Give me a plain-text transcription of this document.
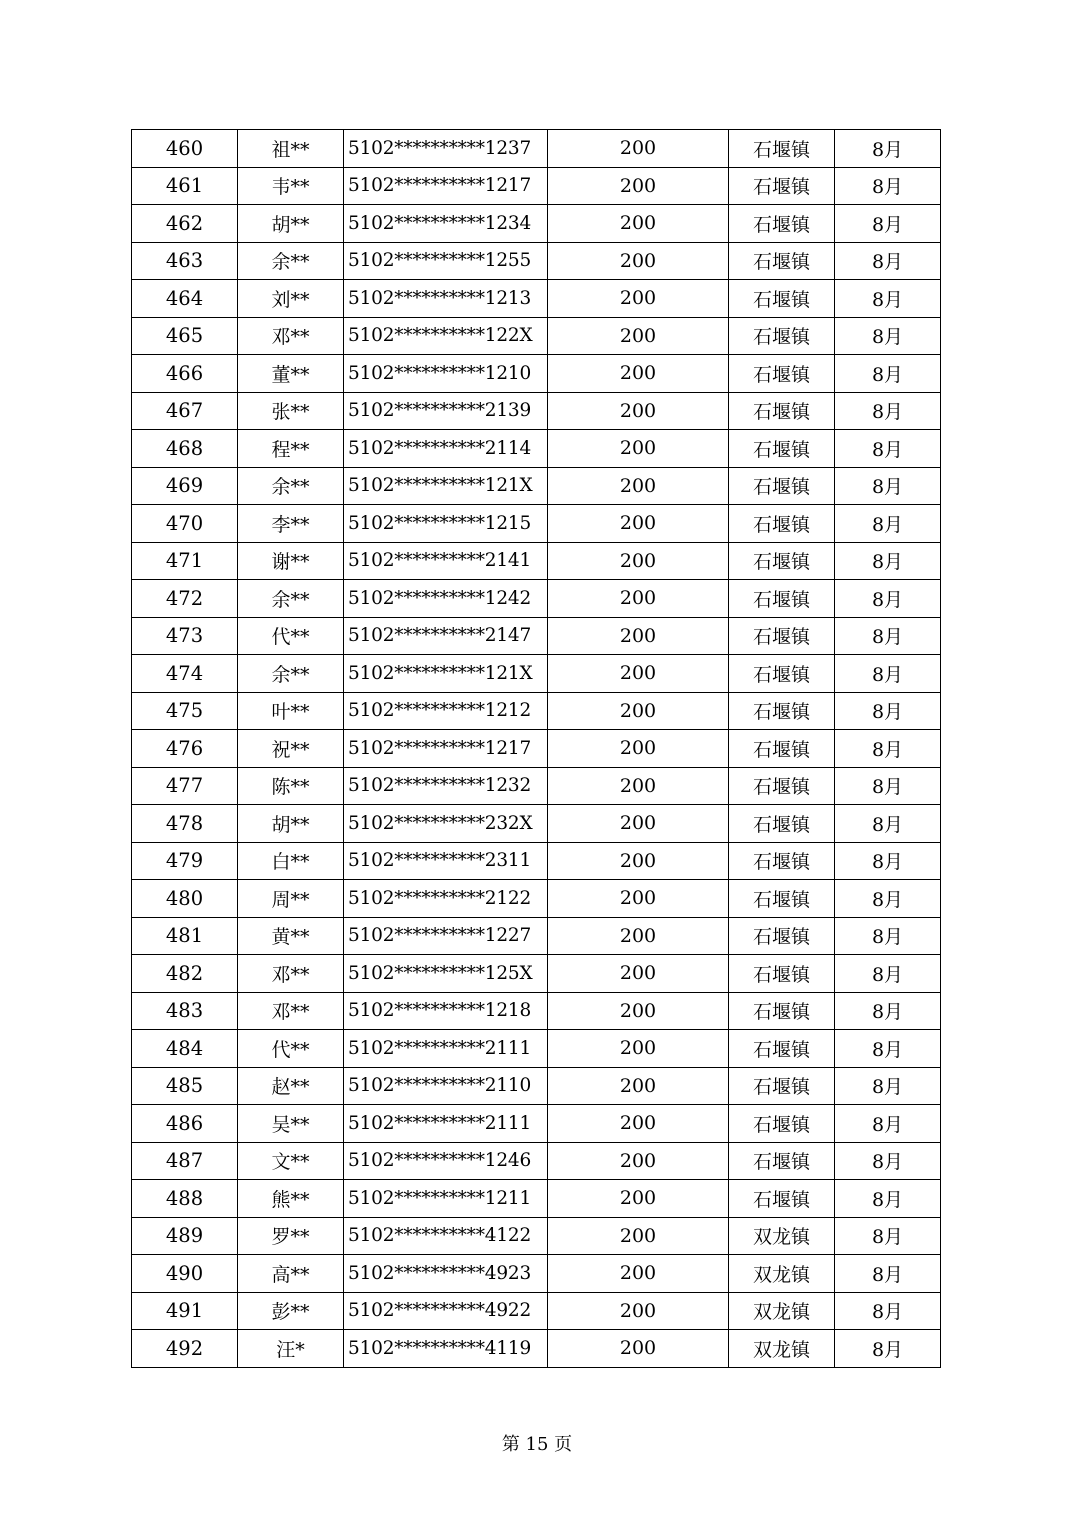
460	祖**	5102**********1237	200	石堰镇	8月
461	韦**	5102**********1217	200	石堰镇	8月
462	胡**	5102**********1234	200	石堰镇	8月
463	余**	5102**********1255	200	石堰镇	8月
464	刘**	5102**********1213	200	石堰镇	8月
465	邓**	5102**********122X	200	石堰镇	8月
466	董**	5102**********1210	200	石堰镇	8月
467	张**	5102**********2139	200	石堰镇	8月
468	程**	5102**********2114	200	石堰镇	8月
469	余**	5102**********121X	200	石堰镇	8月
470	李**	5102**********1215	200	石堰镇	8月
471	谢**	5102**********2141	200	石堰镇	8月
472	余**	5102**********1242	200	石堰镇	8月
473	代**	5102**********2147	200	石堰镇	8月
474	余**	5102**********121X	200	石堰镇	8月
475	叶**	5102**********1212	200	石堰镇	8月
476	祝**	5102**********1217	200	石堰镇	8月
477	陈**	5102**********1232	200	石堰镇	8月
478	胡**	5102**********232X	200	石堰镇	8月
479	白**	5102**********2311	200	石堰镇	8月
480	周**	5102**********2122	200	石堰镇	8月
481	黄**	5102**********1227	200	石堰镇	8月
482	邓**	5102**********125X	200	石堰镇	8月
483	邓**	5102**********1218	200	石堰镇	8月
484	代**	5102**********2111	200	石堰镇	8月
485	赵**	5102**********2110	200	石堰镇	8月
486	吴**	5102**********2111	200	石堰镇	8月
487	文**	5102**********1246	200	石堰镇	8月
488	熊**	5102**********1211	200	石堰镇	8月
489	罗**	5102**********4122	200	双龙镇	8月
490	高**	5102**********4923	200	双龙镇	8月
491	彭**	5102**********4922	200	双龙镇	8月
492	汪*	5102**********4119	200	双龙镇	8月
第 15 页
